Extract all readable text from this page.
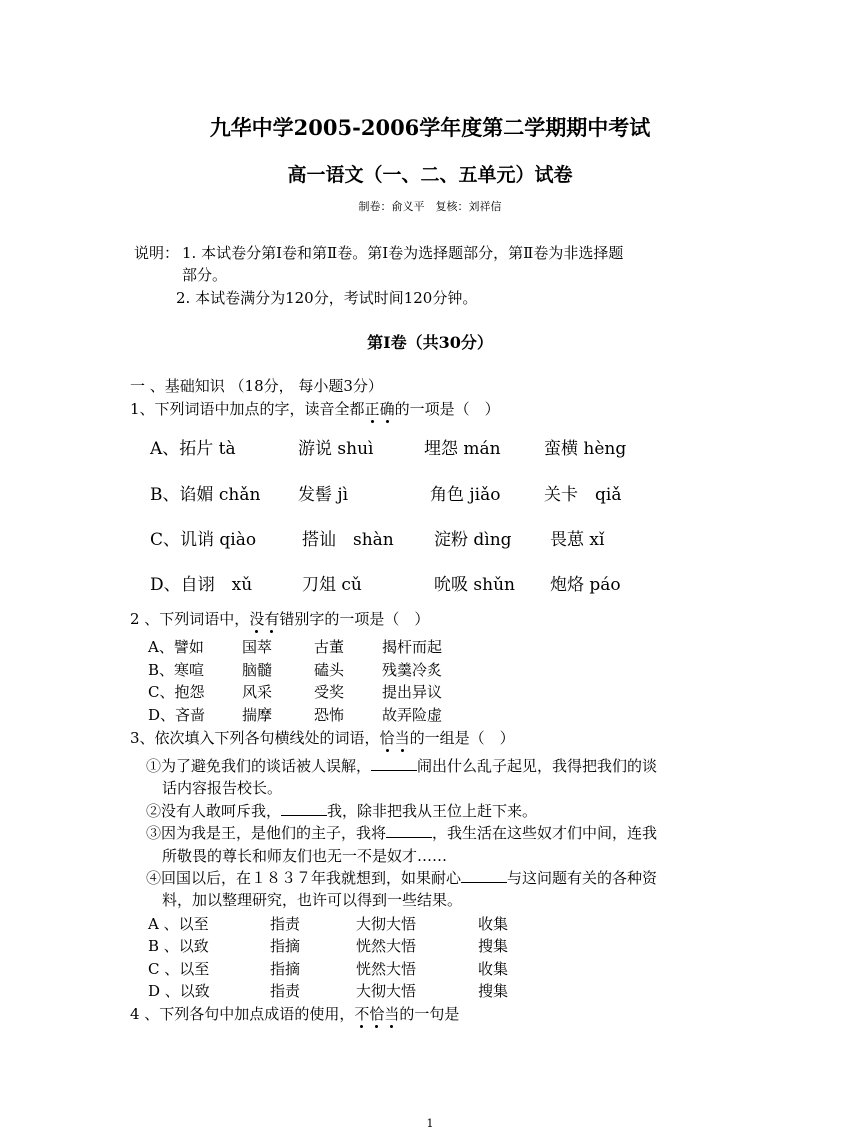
九华中学2005-2006学年度第二学期期中考试
高一语文（一、二、五单元）试卷
制卷：俞义平　复核：刘祥信
说明： 1. 本试卷分第Ⅰ卷和第Ⅱ卷。第Ⅰ卷为选择题部分，第Ⅱ卷为非选择题
部分。
2. 本试卷满分为120分，考试时间120分钟。
第Ⅰ卷（共30分）
一 、基础知识 （18分， 每小题3分）
1、下列词语中加点的字，读音全都正确的一项是（　）
A、拓片 tà	游说 shuì	埋怨 mán	蛮横 hèng
B、谄媚 chǎn 发髻 jì	角色 jiǎo	关卡　qiǎ
C、讥诮 qiào	搭讪　shàn 淀粉 dìng 畏葸 xǐ
D、自诩　xǔ	刀俎 cǔ	吮吸 shǔn 炮烙 páo
2 、下列词语中，没有错别字的一项是（　）
A、譬如	国萃	古董	揭杆而起
B、寒喧	脑髓	磕头	残羹冷炙
C、抱怨	风采	受奖	提出异议
D、吝啬 揣摩	恐怖	故弄险虚
3、依次填入下列各句横线处的词语，恰当的一组是（　）
①为了避免我们的谈话被人误解，	闹出什么乱子起见，我得把我们的谈
话内容报告校长。
②没有人敢呵斥我，	我，除非把我从王位上赶下来。
③因为我是王，是他们的主子，我将	，我生活在这些奴才们中间，连我
所敬畏的尊长和师友们也无一不是奴才……
④回国以后，在１８３７年我就想到，如果耐心	与这问题有关的各种资
料，加以整理研究，也许可以得到一些结果。
A 、以至	指责	大彻大悟	收集
B 、以致	指摘	恍然大悟	搜集
C 、以至	指摘	恍然大悟	收集
D 、以致	指责	大彻大悟	搜集
4 、下列各句中加点成语的使用，不恰当的一句是
1
